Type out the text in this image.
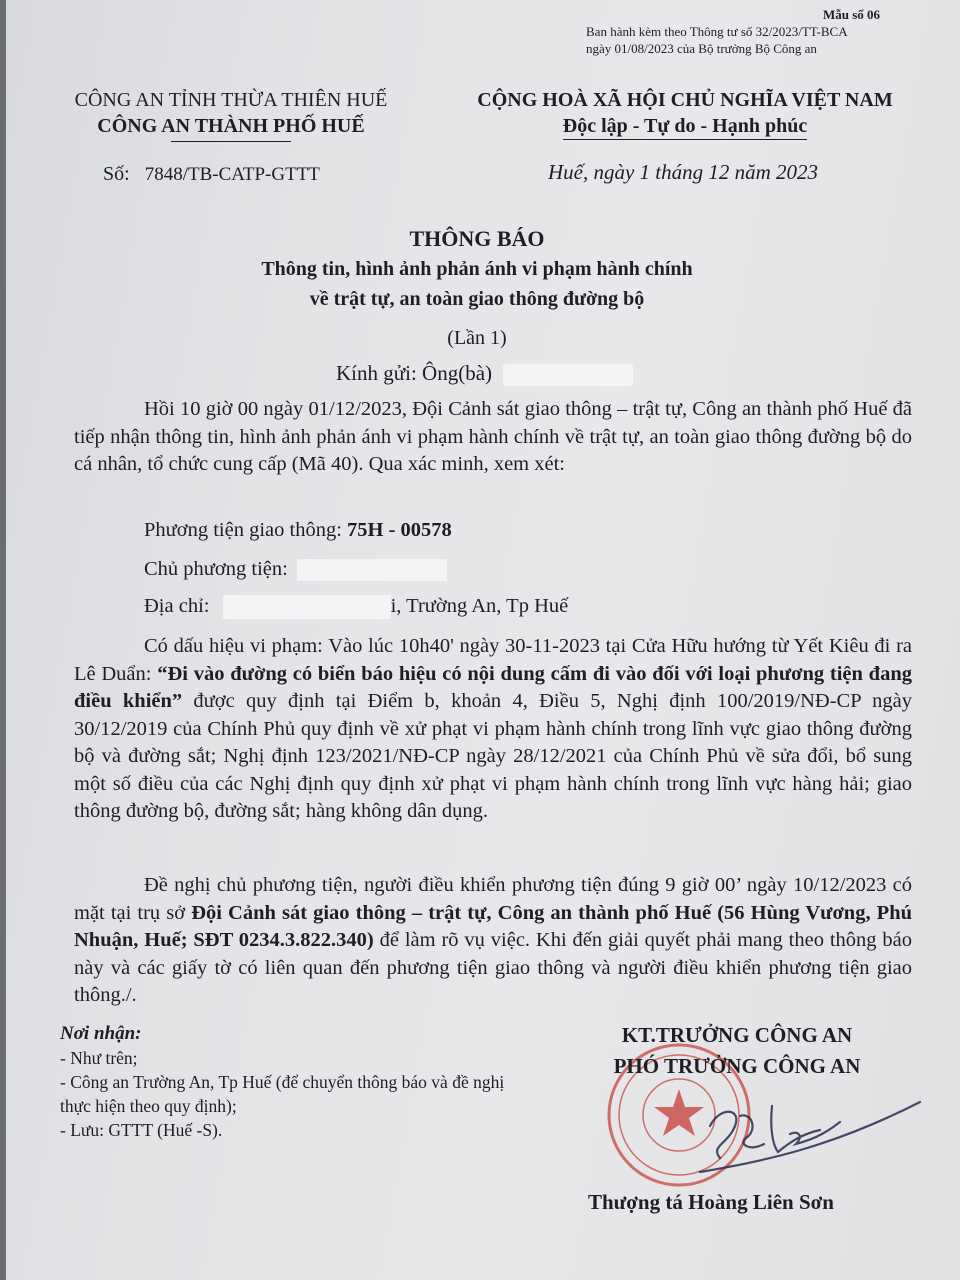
Mẫu số 06
Ban hành kèm theo Thông tư số 32/2023/TT-BCA
ngày 01/08/2023 của Bộ trưởng Bộ Công an
CÔNG AN TỈNH THỪA THIÊN HUẾ
CÔNG AN THÀNH PHỐ HUẾ
CỘNG HOÀ XÃ HỘI CHỦ NGHĨA VIỆT NAM
Độc lập - Tự do - Hạnh phúc
Số: 7848/TB-CATP-GTTT	Huế, ngày 1 tháng 12 năm 2023
THÔNG BÁO
Thông tin, hình ảnh phản ánh vi phạm hành chính
về trật tự, an toàn giao thông đường bộ
(Lần 1)
Kính gửi: Ông(bà)

Hồi 10 giờ 00 ngày 01/12/2023, Đội Cảnh sát giao thông – trật tự, Công an thành phố Huế đã tiếp nhận thông tin, hình ảnh phản ánh vi phạm hành chính về trật tự, an toàn giao thông đường bộ do cá nhân, tổ chức cung cấp (Mã 40). Qua xác minh, xem xét:

Phương tiện giao thông: 75H - 00578
Chủ phương tiện:
Địa chỉ:	i, Trường An, Tp Huế

Có dấu hiệu vi phạm: Vào lúc 10h40' ngày 30-11-2023 tại Cửa Hữu hướng từ Yết Kiêu đi ra Lê Duẩn: “Đi vào đường có biển báo hiệu có nội dung cấm đi vào đối với loại phương tiện đang điều khiển” được quy định tại Điểm b, khoản 4, Điều 5, Nghị định 100/2019/NĐ-CP ngày 30/12/2019 của Chính Phủ quy định về xử phạt vi phạm hành chính trong lĩnh vực giao thông đường bộ và đường sắt; Nghị định 123/2021/NĐ-CP ngày 28/12/2021 của Chính Phủ về sửa đổi, bổ sung một số điều của các Nghị định quy định xử phạt vi phạm hành chính trong lĩnh vực hàng hải; giao thông đường bộ, đường sắt; hàng không dân dụng.

Đề nghị chủ phương tiện, người điều khiển phương tiện đúng 9 giờ 00’ ngày 10/12/2023 có mặt tại trụ sở Đội Cảnh sát giao thông – trật tự, Công an thành phố Huế (56 Hùng Vương, Phú Nhuận, Huế; SĐT 0234.3.822.340) để làm rõ vụ việc. Khi đến giải quyết phải mang theo thông báo này và các giấy tờ có liên quan đến phương tiện giao thông và người điều khiển phương tiện giao thông./.

Nơi nhận:
- Như trên;
- Công an Trường An, Tp Huế (để chuyển thông báo và đề nghị thực hiện theo quy định);
- Lưu: GTTT (Huế -S).
KT.TRƯỞNG CÔNG AN
PHÓ TRƯỞNG CÔNG AN
Thượng tá Hoàng Liên Sơn
